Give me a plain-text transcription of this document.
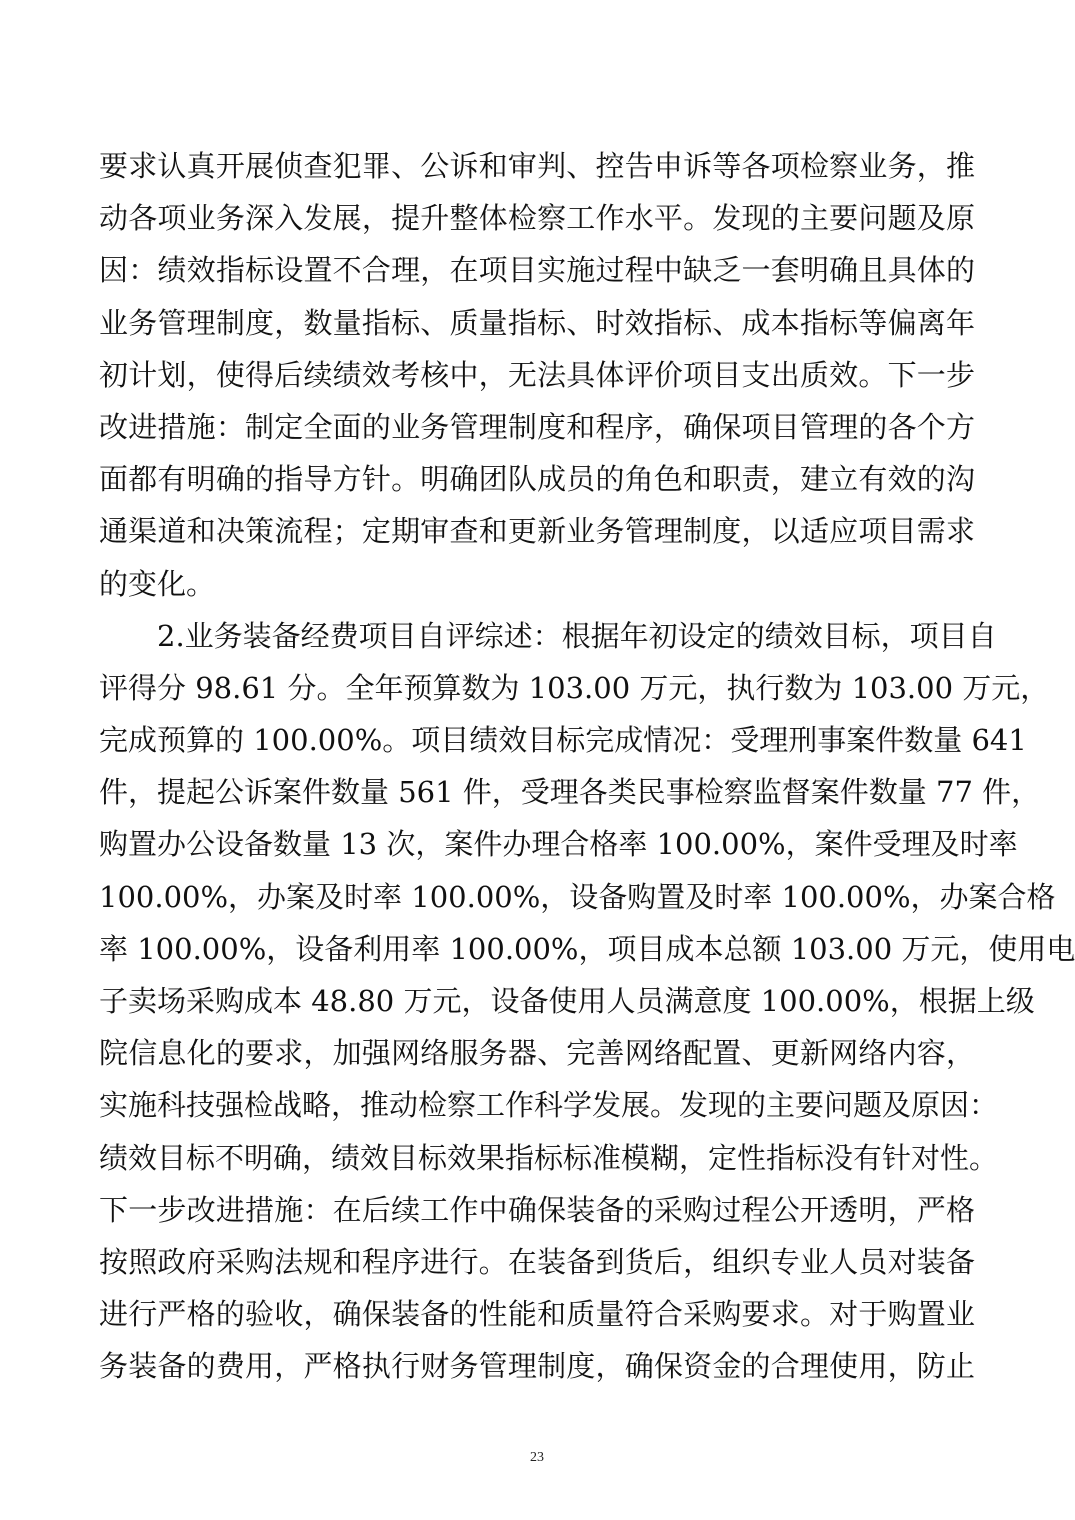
要求认真开展侦查犯罪、公诉和审判、控告申诉等各项检察业务，推
动各项业务深入发展，提升整体检察工作水平。发现的主要问题及原
因：绩效指标设置不合理，在项目实施过程中缺乏一套明确且具体的
业务管理制度，数量指标、质量指标、时效指标、成本指标等偏离年
初计划，使得后续绩效考核中，无法具体评价项目支出质效。下一步
改进措施：制定全面的业务管理制度和程序，确保项目管理的各个方
面都有明确的指导方针。明确团队成员的角色和职责，建立有效的沟
通渠道和决策流程；定期审查和更新业务管理制度，以适应项目需求
的变化。
2.业务装备经费项目自评综述：根据年初设定的绩效目标，项目自
评得分 98.61 分。全年预算数为 103.00 万元，执行数为 103.00 万元，
完成预算的 100.00%。项目绩效目标完成情况：受理刑事案件数量 641
件，提起公诉案件数量 561 件，受理各类民事检察监督案件数量 77 件，
购置办公设备数量 13 次，案件办理合格率 100.00%，案件受理及时率
100.00%，办案及时率 100.00%，设备购置及时率 100.00%，办案合格
率 100.00%，设备利用率 100.00%，项目成本总额 103.00 万元，使用电
子卖场采购成本 48.80 万元，设备使用人员满意度 100.00%，根据上级
院信息化的要求，加强网络服务器、完善网络配置、更新网络内容，
实施科技强检战略，推动检察工作科学发展。发现的主要问题及原因：
绩效目标不明确，绩效目标效果指标标准模糊，定性指标没有针对性。
下一步改进措施：在后续工作中确保装备的采购过程公开透明，严格
按照政府采购法规和程序进行。在装备到货后，组织专业人员对装备
进行严格的验收，确保装备的性能和质量符合采购要求。对于购置业
务装备的费用，严格执行财务管理制度，确保资金的合理使用，防止
23
